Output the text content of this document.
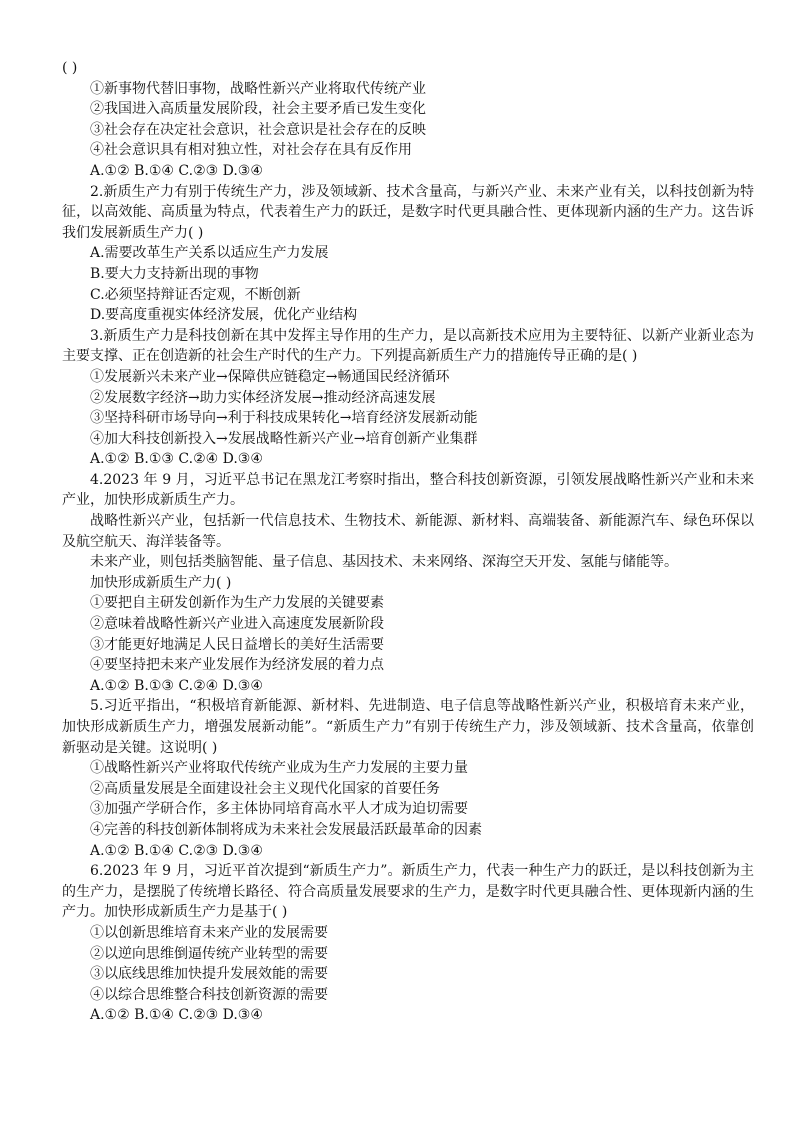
( )
①新事物代替旧事物，战略性新兴产业将取代传统产业
②我国进入高质量发展阶段，社会主要矛盾已发生变化
③社会存在决定社会意识，社会意识是社会存在的反映
④社会意识具有相对独立性，对社会存在具有反作用
A.①② B.①④ C.②③ D.③④
2.新质生产力有别于传统生产力，涉及领域新、技术含量高，与新兴产业、未来产业有关，以科技创新为特征，以高效能、高质量为特点，代表着生产力的跃迁，是数字时代更具融合性、更体现新内涵的生产力。这告诉我们发展新质生产力( )
A.需要改革生产关系以适应生产力发展
B.要大力支持新出现的事物
C.必须坚持辩证否定观，不断创新
D.要高度重视实体经济发展，优化产业结构
3.新质生产力是科技创新在其中发挥主导作用的生产力，是以高新技术应用为主要特征、以新产业新业态为主要支撑、正在创造新的社会生产时代的生产力。下列提高新质生产力的措施传导正确的是( )
①发展新兴未来产业→保障供应链稳定→畅通国民经济循环
②发展数字经济→助力实体经济发展→推动经济高速发展
③坚持科研市场导向→利于科技成果转化→培育经济发展新动能
④加大科技创新投入→发展战略性新兴产业→培育创新产业集群
A.①② B.①③ C.②④ D.③④
4.2023 年 9 月，习近平总书记在黑龙江考察时指出，整合科技创新资源，引领发展战略性新兴产业和未来产业，加快形成新质生产力。
战略性新兴产业，包括新一代信息技术、生物技术、新能源、新材料、高端装备、新能源汽车、绿色环保以及航空航天、海洋装备等。
未来产业，则包括类脑智能、量子信息、基因技术、未来网络、深海空天开发、氢能与储能等。
加快形成新质生产力( )
①要把自主研发创新作为生产力发展的关键要素
②意味着战略性新兴产业进入高速度发展新阶段
③才能更好地满足人民日益增长的美好生活需要
④要坚持把未来产业发展作为经济发展的着力点
A.①② B.①③ C.②④ D.③④
5.习近平指出，“积极培育新能源、新材料、先进制造、电子信息等战略性新兴产业，积极培育未来产业，加快形成新质生产力，增强发展新动能”。“新质生产力”有别于传统生产力，涉及领域新、技术含量高，依靠创新驱动是关键。这说明( )
①战略性新兴产业将取代传统产业成为生产力发展的主要力量
②高质量发展是全面建设社会主义现代化国家的首要任务
③加强产学研合作，多主体协同培育高水平人才成为迫切需要
④完善的科技创新体制将成为未来社会发展最活跃最革命的因素
A.①② B.①④ C.②③ D.③④
6.2023 年 9 月，习近平首次提到“新质生产力”。新质生产力，代表一种生产力的跃迁，是以科技创新为主的生产力，是摆脱了传统增长路径、符合高质量发展要求的生产力，是数字时代更具融合性、更体现新内涵的生产力。加快形成新质生产力是基于( )
①以创新思维培育未来产业的发展需要
②以逆向思维倒逼传统产业转型的需要
③以底线思维加快提升发展效能的需要
④以综合思维整合科技创新资源的需要
A.①② B.①④ C.②③ D.③④
